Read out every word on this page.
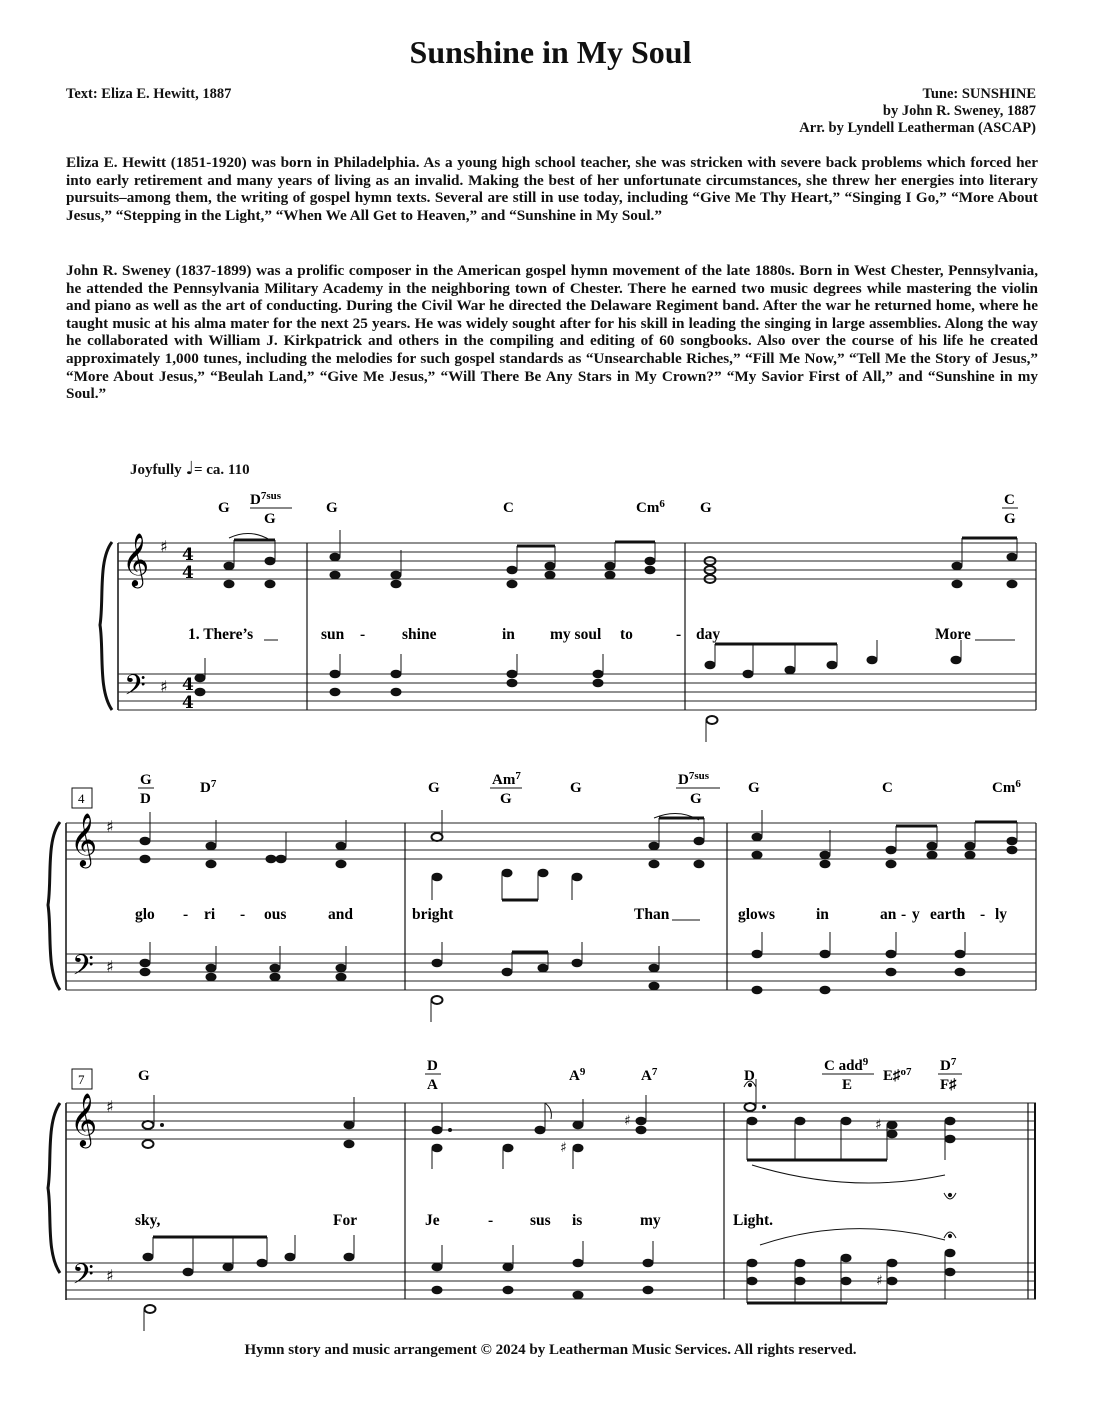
Sunshine in My Soul
Text: Eliza E. Hewitt, 1887	Tune: SUNSHINE
by John R. Sweney, 1887
Arr. by Lyndell Leatherman (ASCAP)

Eliza E. Hewitt (1851-1920) was born in Philadelphia. As a young high school teacher, she was stricken with severe back problems which forced her into early retirement and many years of living as an invalid. Making the best of her unfortunate circumstances, she threw her energies into literary pursuits–among them, the writing of gospel hymn texts. Several are still in use today, including “Give Me Thy Heart,” “Singing I Go,” “More About Jesus,” “Stepping in the Light,” “When We All Get to Heaven,” and “Sunshine in My Soul.”

John R. Sweney (1837-1899) was a prolific composer in the American gospel hymn movement of the late 1880s. Born in West Chester, Pennsylvania, he attended the Pennsylvania Military Academy in the neighboring town of Chester. There he earned two music degrees while mastering the violin and piano as well as the art of conducting. During the Civil War he directed the Delaware Regiment band. After the war he returned home, where he taught music at his alma mater for the next 25 years. He was widely sought after for his skill in leading the singing in large assemblies. Along the way he collaborated with William J. Kirkpatrick and others in the compiling and editing of 60 songbooks. Also over the course of his life he created approximately 1,000 tunes, including the melodies for such gospel standards as “Unsearchable Riches,” “Fill Me Now,” “Tell Me the Story of Jesus,” “More About Jesus,” “Beulah Land,” “Give Me Jesus,” “Will There Be Any Stars in My Crown?” “My Savior First of All,” and “Sunshine in my Soul.”

Joyfully ♩= ca. 110
𝄞
𝄢
♯
♯
4
4
4
4
G $D^{7sus}$
G
G	C	Cm$^6$ G	C
G
1. There’s	sun - shine	in my soul to	- day	More
4
𝄞
𝄢
♯
♯
G
D
$D^7$	G	Am$^7$
G
G	$D^{7sus}$
G
G	C	Cm$^6$
glo - ri - ous	and	bright	Than	glows	in	an - y earth - ly
7
𝄞
𝄢
♯
♯
♯
♯	♯
♯
G
D
A
$A^9$	$A^7$	D
C add$^9$
E
E♯$^{o7}$ $D^7$
F♯
sky,	For	Je	- sus is	my	Light.
Hymn story and music arrangement © 2024 by Leatherman Music Services. All rights reserved.
